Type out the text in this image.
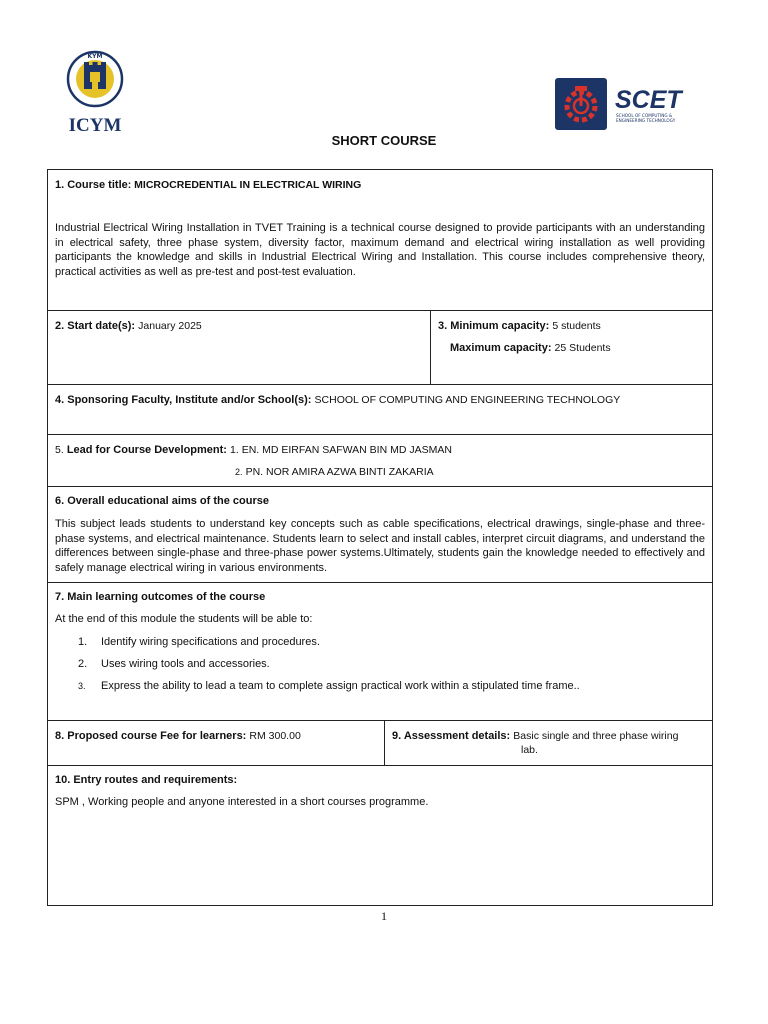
KYM
ICYM
SCET
SCHOOL OF COMPUTING &
ENGINEERING TECHNOLOGY
SHORT COURSE
1. Course title: MICROCREDENTIAL IN ELECTRICAL WIRING
Industrial Electrical Wiring Installation in TVET Training is a technical course designed to provide participants with an understanding in electrical safety, three phase system, diversity factor, maximum demand and electrical wiring installation as well providing participants the knowledge and skills in Industrial Electrical Wiring and Installation. This course includes comprehensive theory, practical activities as well as pre-test and post-test evaluation.
2. Start date(s): January 2025	3. Minimum capacity: 5 students
Maximum capacity: 25 Students
4. Sponsoring Faculty, Institute and/or School(s): SCHOOL OF COMPUTING AND ENGINEERING TECHNOLOGY
5. Lead for Course Development: 1. EN. MD EIRFAN SAFWAN BIN MD JASMAN
2. PN. NOR AMIRA AZWA BINTI ZAKARIA
6. Overall educational aims of the course
This subject leads students to understand key concepts such as cable specifications, electrical drawings, single-phase and three-phase systems, and electrical maintenance. Students learn to select and install cables, interpret circuit diagrams, and understand the differences between single-phase and three-phase power systems.Ultimately, students gain the knowledge needed to effectively and safely manage electrical wiring in various environments.
7. Main learning outcomes of the course
At the end of this module the students will be able to:
1.	Identify wiring specifications and procedures.
2.	Uses wiring tools and accessories.
3.	Express the ability to lead a team to complete assign practical work within a stipulated time frame..
8. Proposed course Fee for learners: RM 300.00	9. Assessment details: Basic single and three phase wiring
lab.
10. Entry routes and requirements:
SPM , Working people and anyone interested in a short courses programme.
1
